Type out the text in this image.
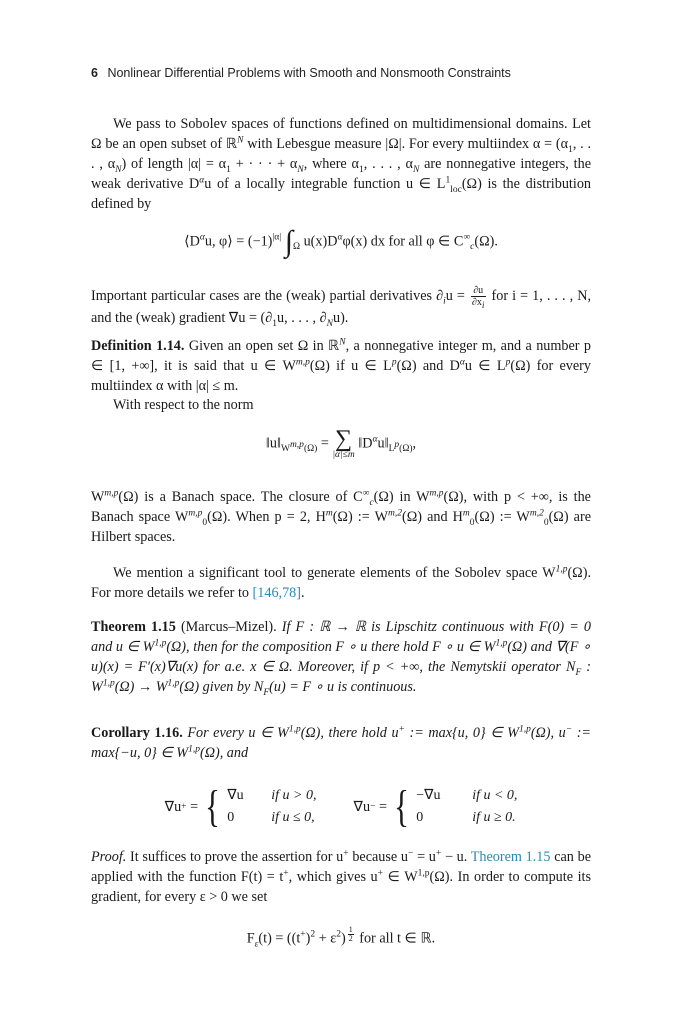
6 Nonlinear Differential Problems with Smooth and Nonsmooth Constraints
We pass to Sobolev spaces of functions defined on multidimensional domains. Let Ω be an open subset of ℝ$^N$ with Lebesgue measure |Ω|. For every multiindex $\alpha = (\alpha_1$, . . . , $\alpha_N$) of length $|\alpha| = \alpha_1$ + · · · + $\alpha_N$, where $\alpha_1$, . . . , $\alpha_N$ are nonnegative integers, the weak derivative $D^\alpha u$ of a locally integrable function u ∈ $L^1_{loc}(\Omega)$ is the distribution defined by
$⟨D^\alpha u$, φ⟩ = $(-1)^{|\alpha|}$ $\int_\Omega$ $u(x)D^\alpha\varphi(x)$ dx for all φ ∈ $C^\infty_c(\Omega)$.
Important particular cases are the (weak) partial derivatives $\partial_iu = \frac{\partial u}{\partial x_i}$ for i = 1, . . . , N, and the (weak) gradient $\nabla u = (\partial_1u$, . . . , $\partial_Nu$).
Definition 1.14. Given an open set Ω in ℝ$^N$, a nonnegative integer m, and a number p ∈ [1, +∞], it is said that u ∈ W$^{m,p}$(Ω) if u ∈ $L^p(\Omega)$ and $D^\alpha u$ ∈ $L^p(\Omega)$ for every multiindex α with |α| ≤ m.
With respect to the norm
$‖u‖_{W^{m,p}(\Omega)}$ = ∑
|α|≤m
$‖D^\alpha u‖_{L^p(\Omega)}$,
W$^{m,p}$(Ω) is a Banach space. The closure of $C^\infty_c(\Omega)$ in W$^{m,p}$(Ω), with p < +∞, is the Banach space W$^{m,p}_0$(Ω). When p = 2, $H^m(\Omega)$ := W$^{m,2}$(Ω) and $H^m_0(\Omega)$ := W$^{m,2}_0$(Ω) are Hilbert spaces.
We mention a significant tool to generate elements of the Sobolev space W$^{1,p}$(Ω). For more details we refer to [146,78].
Theorem 1.15 (Marcus–Mizel). If F : ℝ → ℝ is Lipschitz continuous with F(0) = 0 and u ∈ W$^{1,p}$(Ω), then for the composition F ∘ u there hold F ∘ u ∈ W$^{1,p}$(Ω) and ∇(F ∘ u)(x) = F′(x)∇u(x) for a.e. x ∈ Ω. Moreover, if p < +∞, the Nemytskii operator $N_F$ : W$^{1,p}$(Ω) → W$^{1,p}$(Ω) given by $N_F(u) = F$ ∘ u is continuous.
Corollary 1.16. For every u ∈ W$^{1,p}$(Ω), there hold u+ := max{u, 0} ∈ W$^{1,p}$(Ω), u− := max{−u, 0} ∈ W$^{1,p}$(Ω), and
∇u + = { ∇u if u > 0,
0	if u ≤ 0,

∇u − = { −∇u if u < 0,
0	if u ≥ 0.
Proof. It suffices to prove the assertion for u+ because u− = u+ − u. Theorem 1.15 can be applied with the function F(t) = t+, which gives u+ ∈ W$^{1,p}$(Ω). In order to compute its gradient, for every ε > 0 we set
$F_\varepsilon(t) = ((t^+)^2 + \varepsilon^2)$ $^{\frac{1}{2}}$ for all t ∈ ℝ.
